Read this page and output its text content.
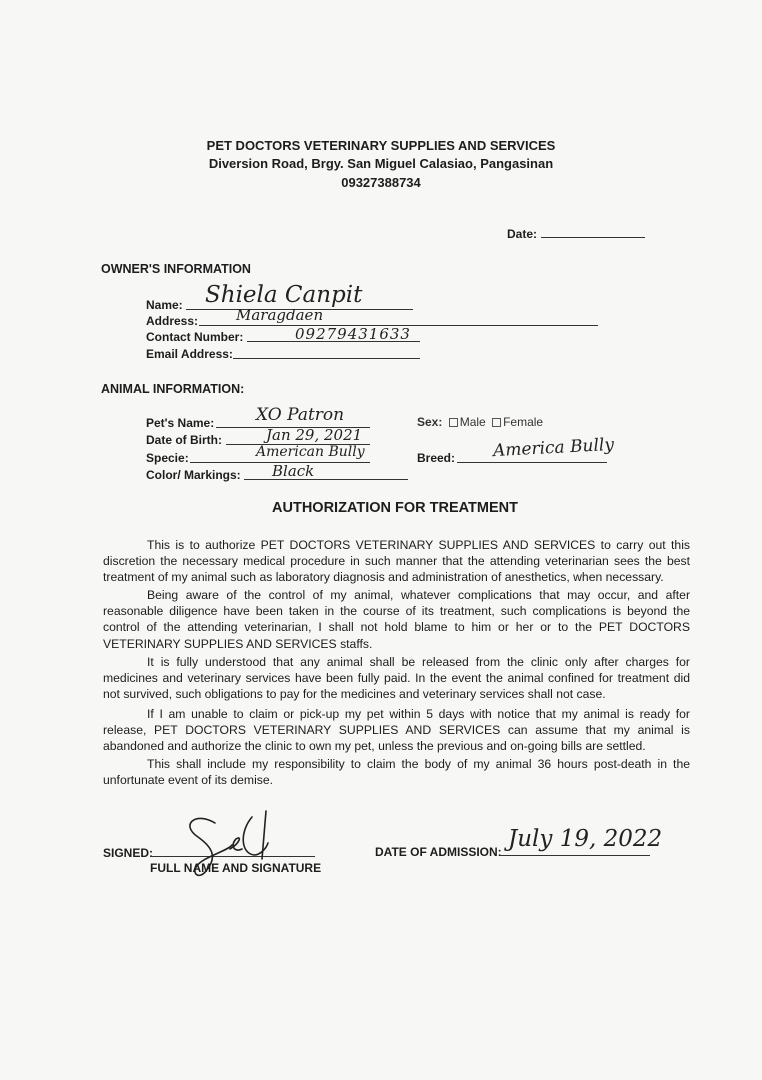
PET DOCTORS VETERINARY SUPPLIES AND SERVICES
Diversion Road, Brgy. San Miguel Calasiao, Pangasinan
09327388734
Date:
OWNER'S INFORMATION
Name: Shiela Canpit
Address:	Maragdaen
Contact Number:	09279431633
Email Address:
ANIMAL INFORMATION:
Pet's Name: XO Patron
Date of Birth:	Jan 29, 2021
Specie:	American Bully
Color/ Markings: Black
Sex: Male Female
Breed: America Bully
AUTHORIZATION FOR TREATMENT

This is to authorize PET DOCTORS VETERINARY SUPPLIES AND SERVICES to carry out this discretion the necessary medical procedure in such manner that the attending veterinarian sees the best treatment of my animal such as laboratory diagnosis and administration of anesthetics, when necessary.

Being aware of the control of my animal, whatever complications that may occur, and after reasonable diligence have been taken in the course of its treatment, such complications is beyond the control of the attending veterinarian, I shall not hold blame to him or her or to the PET DOCTORS VETERINARY SUPPLIES AND SERVICES staffs.

It is fully understood that any animal shall be released from the clinic only after charges for medicines and veterinary services have been fully paid. In the event the animal confined for treatment did not survived, such obligations to pay for the medicines and veterinary services shall not case.

If I am unable to claim or pick-up my pet within 5 days with notice that my animal is ready for release, PET DOCTORS VETERINARY SUPPLIES AND SERVICES can assume that my animal is abandoned and authorize the clinic to own my pet, unless the previous and on-going bills are settled.

This shall include my responsibility to claim the body of my animal 36 hours post-death in the unfortunate event of its demise.

SIGNED:
FULL NAME AND SIGNATURE
DATE OF ADMISSION: July 19, 2022
